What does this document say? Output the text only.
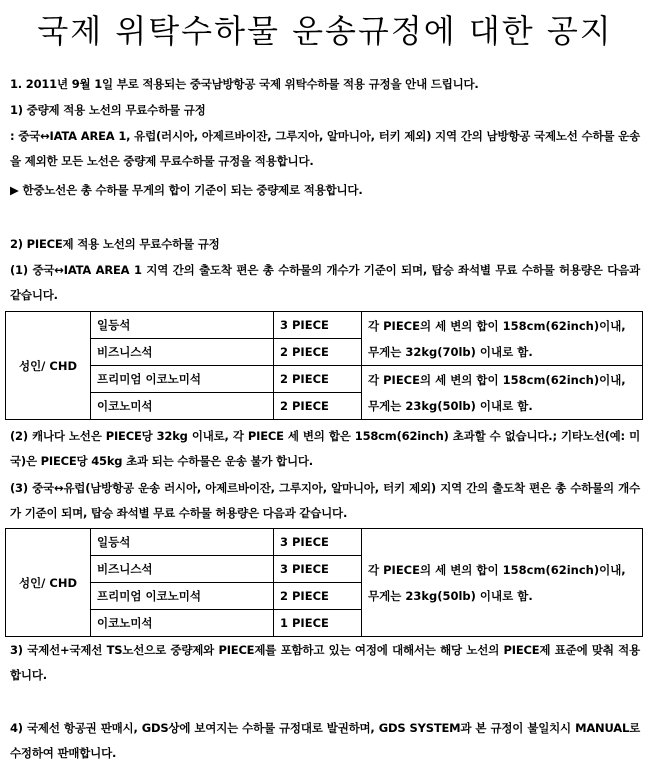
국제 위탁수하물 운송규정에 대한 공지
1. 2011년 9월 1일 부로 적용되는 중국남방항공 국제 위탁수하물 적용 규정을 안내 드립니다.
1) 중량제 적용 노선의 무료수하물 규정
: 중국↔IATA AREA 1, 유럽(러시아, 아제르바이잔, 그루지아, 알마니아, 터키 제외) 지역 간의 남방항공 국제노선 수하물 운송을 제외한 모든 노선은 중량제 무료수하물 규정을 적용합니다.
▶ 한중노선은 총 수하물 무게의 합이 기준이 되는 중량제로 적용합니다.
2) PIECE제 적용 노선의 무료수하물 규정
(1) 중국↔IATA AREA 1 지역 간의 출도착 편은 총 수하물의 개수가 기준이 되며, 탑승 좌석별 무료 수하물 허용량은 다음과 같습니다.
성인/ CHD	일등석	3 PIECE	각 PIECE의 세 변의 합이 158cm(62inch)이내,
무게는 32kg(70lb) 이내로 함.

	비즈니스석	2 PIECE	
	프리미엄 이코노미석	2 PIECE	각 PIECE의 세 변의 합이 158cm(62inch)이내,
무게는 23kg(50lb) 이내로 함.

	이코노미석	2 PIECE	
(2) 캐나다 노선은 PIECE당 32kg 이내로, 각 PIECE 세 변의 합은 158cm(62inch) 초과할 수 없습니다.; 기타노선(예: 미국)은 PIECE당 45kg 초과 되는 수하물은 운송 불가 합니다.
(3) 중국↔유럽(남방항공 운송 러시아, 아제르바이잔, 그루지아, 알마니아, 터키 제외) 지역 간의 출도착 편은 총 수하물의 개수가 기준이 되며, 탑승 좌석별 무료 수하물 허용량은 다음과 같습니다.
성인/ CHD	일등석	3 PIECE	각 PIECE의 세 변의 합이 158cm(62inch)이내,
무게는 23kg(50lb) 이내로 함.

	비즈니스석	3 PIECE	
	프리미엄 이코노미석	2 PIECE	
	이코노미석	1 PIECE	
3) 국제선+국제선 TS노선으로 중량제와 PIECE제를 포함하고 있는 여정에 대해서는 해당 노선의 PIECE제 표준에 맞춰 적용합니다.
4) 국제선 항공권 판매시, GDS상에 보여지는 수하물 규정대로 발권하며, GDS SYSTEM과 본 규정이 불일치시 MANUAL로 수정하여 판매합니다.
